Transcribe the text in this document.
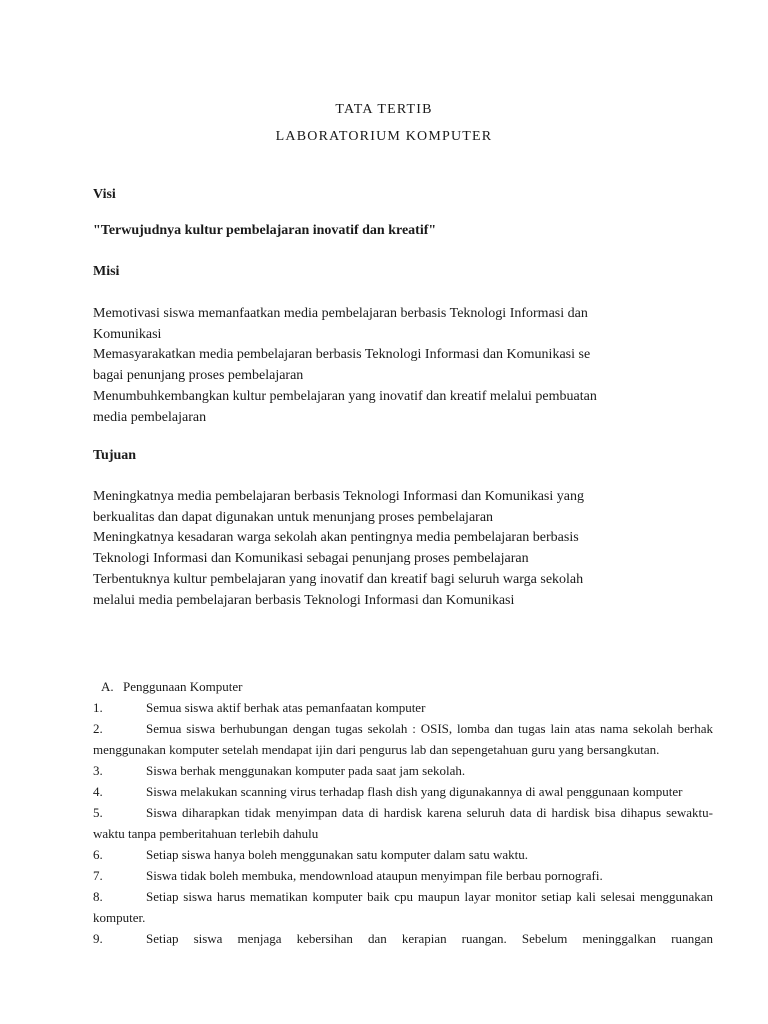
TATA TERTIB
LABORATORIUM KOMPUTER
Visi
"Terwujudnya kultur pembelajaran inovatif dan kreatif"
Misi
Memotivasi siswa memanfaatkan media pembelajaran berbasis Teknologi Informasi dan
Komunikasi
Memasyarakatkan media pembelajaran berbasis Teknologi Informasi dan Komunikasi se
bagai penunjang proses pembelajaran
Menumbuhkembangkan kultur pembelajaran yang inovatif dan kreatif melalui pembuatan
media pembelajaran
Tujuan
Meningkatnya media pembelajaran berbasis Teknologi Informasi dan Komunikasi yang
berkualitas dan dapat digunakan untuk menunjang proses pembelajaran
Meningkatnya kesadaran warga sekolah akan pentingnya media pembelajaran berbasis
Teknologi Informasi dan Komunikasi sebagai penunjang proses pembelajaran
Terbentuknya kultur pembelajaran yang inovatif dan kreatif bagi seluruh warga sekolah
melalui media pembelajaran berbasis Teknologi Informasi dan Komunikasi
A. Penggunaan Komputer
1.	Semua siswa aktif berhak atas pemanfaatan komputer
2.	Semua siswa berhubungan dengan tugas sekolah : OSIS, lomba dan tugas lain atas nama sekolah berhak menggunakan komputer setelah mendapat ijin dari pengurus lab dan sepengetahuan guru yang bersangkutan.
3.	Siswa berhak menggunakan komputer pada saat jam sekolah.
4.	Siswa melakukan scanning virus terhadap flash dish yang digunakannya di awal penggunaan komputer
5.	Siswa diharapkan tidak menyimpan data di hardisk karena seluruh data di hardisk bisa dihapus sewaktu-waktu tanpa pemberitahuan terlebih dahulu
6.	Setiap siswa hanya boleh menggunakan satu komputer dalam satu waktu.
7.	Siswa tidak boleh membuka, mendownload ataupun menyimpan file berbau pornografi.
8.	Setiap siswa harus mematikan komputer baik cpu maupun layar monitor setiap kali selesai menggunakan komputer.
9.	Setiap siswa menjaga kebersihan dan kerapian ruangan. Sebelum meninggalkan ruangan
